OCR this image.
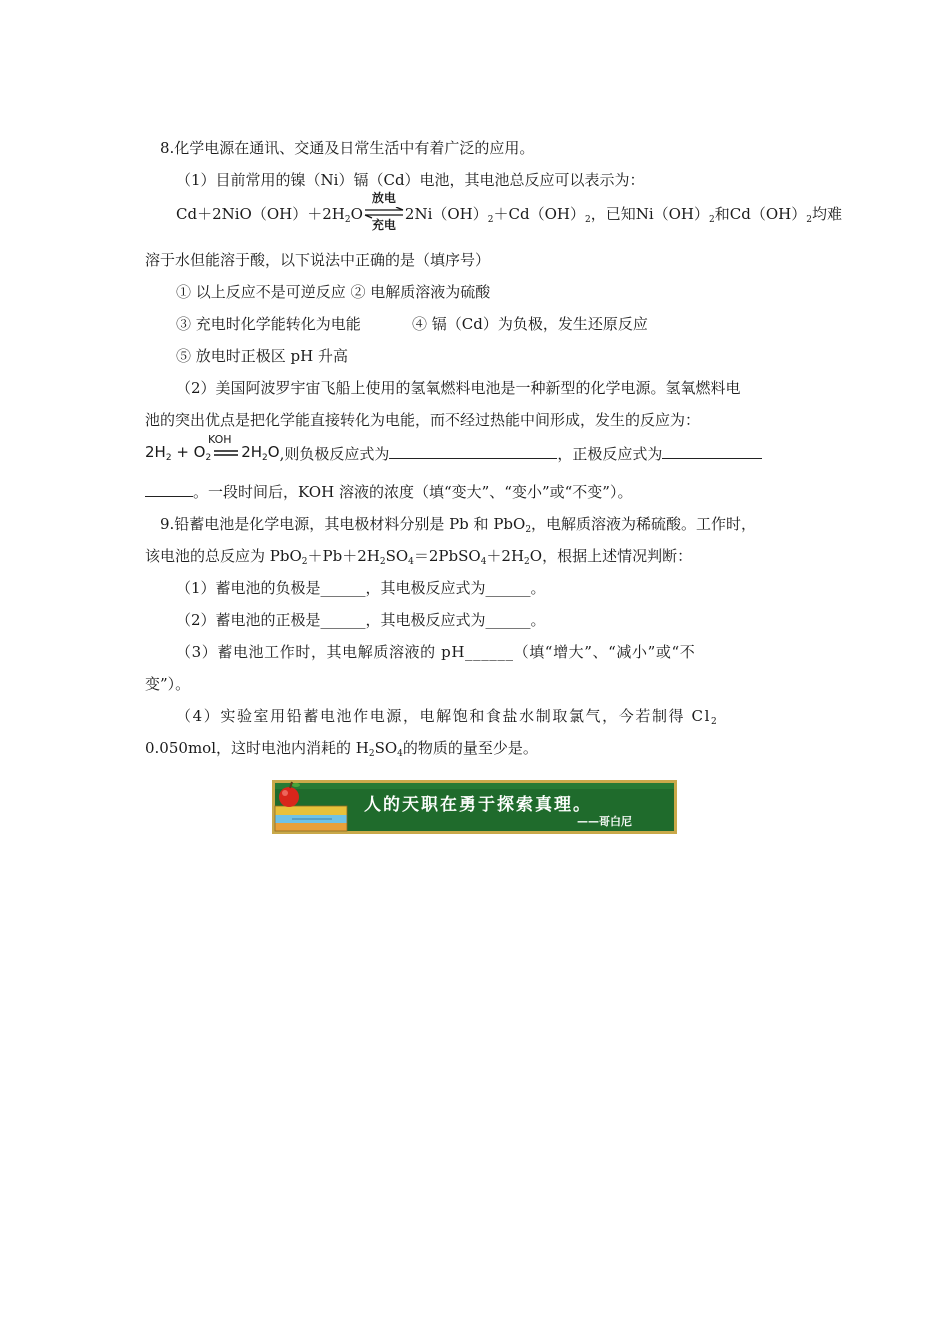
8.化学电源在通讯、交通及日常生活中有着广泛的应用。
（1）目前常用的镍（Ni）镉（Cd）电池，其电池总反应可以表示为：
$Cd+2NiO(OH)+2H_2O$
放电
充电
$2Ni(OH)_2+Cd(OH)_2$，已知$Ni(OH)_2$和$Cd(OH)_2$均难
溶于水但能溶于酸，以下说法中正确的是（填序号）
① 以上反应不是可逆反应 ② 电解质溶液为硫酸
③ 充电时化学能转化为电能	④ 镉（Cd）为负极，发生还原反应
⑤ 放电时正极区 pH 升高
（2）美国阿波罗宇宙飞船上使用的氢氧燃料电池是一种新型的化学电源。氢氧燃料电
池的突出优点是把化学能直接转化为电能，而不经过热能中间形成，发生的反应为：
$2H_2 + O_2$
KOH
$2H_2O$,则负极反应式为	，正极反应式为
。一段时间后，KOH 溶液的浓度（填“变大”、“变小”或“不变”）。
9.铅蓄电池是化学电源，其电极材料分别是 Pb 和 PbO$_2$，电解质溶液为稀硫酸。工作时，
该电池的总反应为 $PbO_2+Pb+2H_2SO_4=2PbSO_4+2H_2O$，根据上述情况判断：
（1）蓄电池的负极是______，其电极反应式为______。
（2）蓄电池的正极是______，其电极反应式为______。
（3）蓄电池工作时，其电解质溶液的 pH______（填“增大”、“减小”或“不
变”）。
（4）实验室用铅蓄电池作电源，电解饱和食盐水制取氯气，今若制得 $Cl_2$
0.050mol，这时电池内消耗的 $H_2SO_4$的物质的量至少是。
人的天职在勇于探索真理。
——哥白尼
